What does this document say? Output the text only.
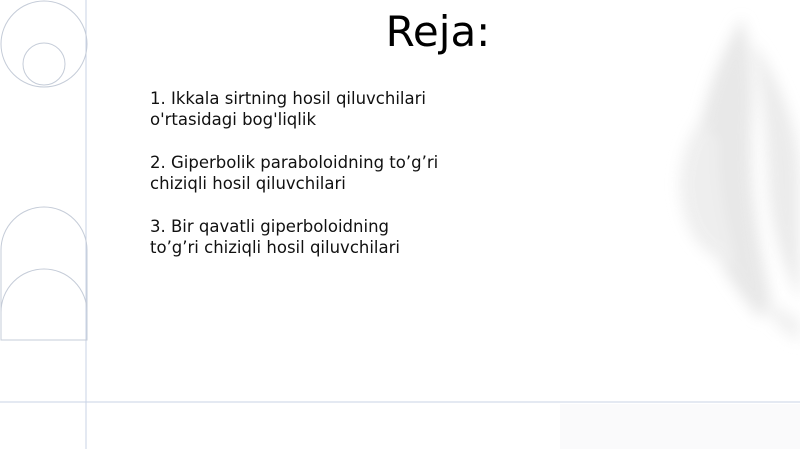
Reja:
1. Ikkala sirtning hosil qiluvchilari
o'rtasidagi bog'liqlik
2. Giperbolik paraboloidning to’g’ri
chiziqli hosil qiluvchilari
3. Bir qavatli giperboloidning
to’g’ri chiziqli hosil qiluvchilari
